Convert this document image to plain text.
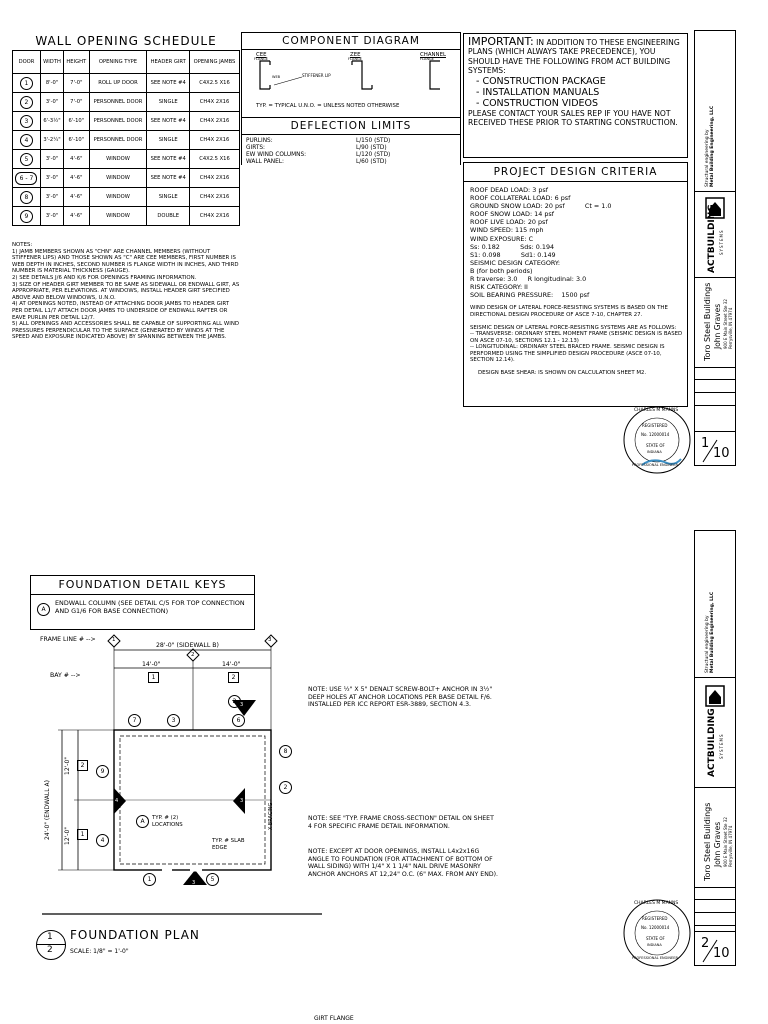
WALL OPENING SCHEDULE
DOOR	WIDTH	HEIGHT	OPENING TYPE	HEADER GIRT	OPENING JAMBS
1	8'-0"	7'-0"	ROLL UP DOOR	SEE NOTE #4	C4X2.5 X16
2	3'-0"	7'-0"	PERSONNEL DOOR	SINGLE	CH4X 2X16
3	6'-3½"	6'-10"	PERSONNEL DOOR	SEE NOTE #4	CH4X 2X16
4	3'-2¼"	6'-10"	PERSONNEL DOOR	SINGLE	CH4X 2X16
5	3'-0"	4'-6"	WINDOW	SEE NOTE #4	C4X2.5 X16
6 - 7	3'-0"	4'-6"	WINDOW	SEE NOTE #4	CH4X 2X16
8	3'-0"	4'-6"	WINDOW	SINGLE	CH4X 2X16
9	3'-0"	4'-6"	WINDOW	DOUBLE	CH4X 2X16
NOTES:
1) JAMB MEMBERS SHOWN AS "CHN" ARE CHANNEL MEMBERS (WITHOUT STIFFENER LIPS) AND THOSE SHOWN AS "C" ARE CEE MEMBERS, FIRST NUMBER IS WEB DEPTH IN INCHES, SECOND NUMBER IS FLANGE WIDTH IN INCHES, AND THIRD NUMBER IS MATERIAL THICKNESS (GAUGE).
2) SEE DETAILS J/6 AND K/6 FOR OPENINGS FRAMING INFORMATION.
3) SIZE OF HEADER GIRT MEMBER TO BE SAME AS SIDEWALL OR ENDWALL GIRT, AS APPROPRIATE, PER ELEVATIONS. AT WINDOWS, INSTALL HEADER GIRT SPECIFIED ABOVE AND BELOW WINDOWS, U.N.O.
4) AT OPENINGS NOTED, INSTEAD OF ATTACHING DOOR JAMBS TO HEADER GIRT PER DETAIL L1/7 ATTACH DOOR JAMBS TO UNDERSIDE OF ENDWALL RAFTER OR EAVE PURLIN PER DETAIL L2/7.
5) ALL OPENINGS AND ACCESSORIES SHALL BE CAPABLE OF SUPPORTING ALL WIND PRESSURES PERPENDICULAR TO THE SURFACE (GENERATED BY WINDS AT THE SPEED AND EXPOSURE INDICATED ABOVE) BY SPANNING BETWEEN THE JAMBS.
COMPONENT DIAGRAM
CEE	ZEE	CHANNEL
FLANGE	FLANGE	FLANGE
WEB	STIFFENER LIP
TYP. = TYPICAL U.N.O. = UNLESS NOTED OTHERWISE
DEFLECTION LIMITS
PURLINS:	L/150 (STD)
GIRTS:	L/90 (STD)
EW WIND COLUMNS:	L/120 (STD)
WALL PANEL:	L/60 (STD)
IMPORTANT: IN ADDITION TO THESE ENGINEERING PLANS (WHICH ALWAYS TAKE PRECEDENCE), YOU SHOULD HAVE THE FOLLOWING FROM ACT BUILDING SYSTEMS:
- CONSTRUCTION PACKAGE
- INSTALLATION MANUALS
- CONSTRUCTION VIDEOS
PLEASE CONTACT YOUR SALES REP IF YOU HAVE NOT RECEIVED THESE PRIOR TO STARTING CONSTRUCTION.
PROJECT DESIGN CRITERIA
ROOF DEAD LOAD: 3 psf
ROOF COLLATERAL LOAD: 6 psf
GROUND SNOW LOAD: 20 psf          Ct = 1.0
ROOF SNOW LOAD: 14 psf
ROOF LIVE LOAD: 20 psf
WIND SPEED: 115 mph
WIND EXPOSURE: C
Ss: 0.182          Sds: 0.194
S1: 0.098          Sd1: 0.149
SEISMIC DESIGN CATEGORY:
B (for both periods)
R traverse: 3.0     R longitudinal: 3.0
RISK CATEGORY: II
SOIL BEARING PRESSURE:    1500 psf
WIND DESIGN OF LATERAL FORCE-RESISTING SYSTEMS IS BASED ON THE DIRECTIONAL DESIGN PROCEDURE OF ASCE 7-10, CHAPTER 27.
SEISMIC DESIGN OF LATERAL FORCE-RESISTING SYSTEMS ARE AS FOLLOWS:
-- TRANSVERSE: ORDINARY STEEL MOMENT FRAME (SEISMIC DESIGN IS BASED ON ASCE 07-10, SECTIONS 12.1 - 12.13)
-- LONGITUDINAL: ORDINARY STEEL BRACED FRAME. SEISMIC DESIGN IS PERFORMED USING THE SIMPLIFIED DESIGN PROCEDURE (ASCE 07-10, SECTION 12.14).
DESIGN BASE SHEAR: IS SHOWN ON CALCULATION SHEET M2.
Structural engineering by
Metal Building Engineering, LLC
ACTBUILDING SYSTEMS
Toro Steel Buildings John Graves 900 E Main Street Ste 32 Perrysville, IN 47974
1
10
CHARLES M MANNS
REGISTERED
No. 12000014
STATE OF
INDIANA
PROFESSIONAL ENGINEER
FOUNDATION DETAIL KEYS
A
ENDWALL COLUMN (SEE DETAIL C/5 FOR TOP CONNECTION AND G1/6 FOR BASE CONNECTION)
FRAME LINE # -->	1
2
3
28'-0" (SIDEWALL B)
14'-0"	14'-0"
BAY # -->	1	2
1
2
24'-0" (ENDWALL A)
12'-0"
12'-0"
7	3	6
8
9
2
4
1	5
2 3
3
4
3
A	TYP. # (2) LOCATIONS
TYP. # SLAB EDGE
X-BRACING
NOTE: USE ½" X 5" DENALT SCREW-BOLT+ ANCHOR IN 3½" DEEP HOLES AT ANCHOR LOCATIONS PER BASE DETAIL F/6. INSTALLED PER ICC REPORT ESR-3889, SECTION 4.3.
NOTE: SEE "TYP. FRAME CROSS-SECTION" DETAIL ON SHEET 4 FOR SPECIFIC FRAME DETAIL INFORMATION.
NOTE: EXCEPT AT DOOR OPENINGS, INSTALL L4x2x16G ANGLE TO FOUNDATION (FOR ATTACHMENT OF BOTTOM OF WALL SIDING) WITH 1/4" X 1 1/4" NAIL DRIVE MASONRY ANCHOR ANCHORS AT 12,24" O.C. (6" MAX. FROM ANY END).
1
2
FOUNDATION PLAN
SCALE: 1/8" = 1'-0"
Structural engineering by
Metal Building Engineering, LLC
ACTBUILDING SYSTEMS
Toro Steel Buildings John Graves 900 E Main Street Ste 32 Perrysville, IN 47974
2
10
CHARLES M MANNS
REGISTERED
No. 12000014
STATE OF
INDIANA
PROFESSIONAL ENGINEER
GIRT FLANGE
